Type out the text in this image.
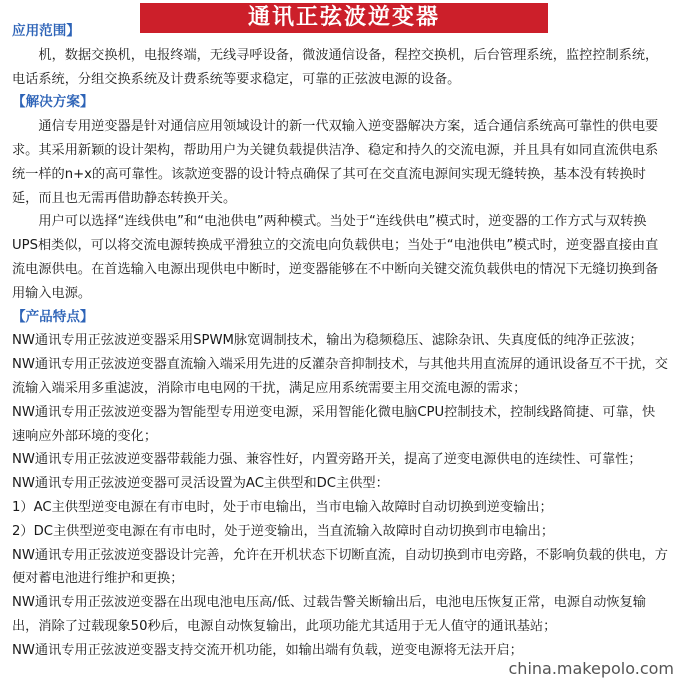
应用范围】

机，数据交换机，电报终端，无线寻呼设备，微波通信设备，程控交换机，后台管理系统，监控控制系统，电话系统，分组交换系统及计费系统等要求稳定，可靠的正弦波电源的设备。

【解决方案】

通信专用逆变器是针对通信应用领域设计的新一代双输入逆变器解决方案，适合通信系统高可靠性的供电要求。其采用新颖的设计架构，帮助用户为关键负载提供洁净、稳定和持久的交流电源，并且具有如同直流供电系统一样的n+x的高可靠性。该款逆变器的设计特点确保了其可在交直流电源间实现无缝转换，基本没有转换时延，而且也无需再借助静态转换开关。

用户可以选择“连线供电”和“电池供电”两种模式。当处于“连线供电”模式时，逆变器的工作方式与双转换UPS相类似，可以将交流电源转换成平滑独立的交流电向负载供电；当处于“电池供电”模式时，逆变器直接由直流电源供电。在首选输入电源出现供电中断时，逆变器能够在不中断向关键交流负载供电的情况下无缝切换到备用输入电源。

【产品特点】

NW通讯专用正弦波逆变器采用SPWM脉宽调制技术，输出为稳频稳压、滤除杂讯、失真度低的纯净正弦波；

NW通讯专用正弦波逆变器直流输入端采用先进的反灌杂音抑制技术，与其他共用直流屏的通讯设备互不干扰，交流输入端采用多重滤波，消除市电电网的干扰，满足应用系统需要主用交流电源的需求；

NW通讯专用正弦波逆变器为智能型专用逆变电源，采用智能化微电脑CPU控制技术，控制线路简捷、可靠，快速响应外部环境的变化；

NW通讯专用正弦波逆变器带载能力强、兼容性好，内置旁路开关，提高了逆变电源供电的连续性、可靠性；

NW通讯专用正弦波逆变器可灵活设置为AC主供型和DC主供型：

1）AC主供型逆变电源在有市电时，处于市电输出，当市电输入故障时自动切换到逆变输出；

2）DC主供型逆变电源在有市电时，处于逆变输出，当直流输入故障时自动切换到市电输出；

NW通讯专用正弦波逆变器设计完善，允许在开机状态下切断直流，自动切换到市电旁路，不影响负载的供电，方便对蓄电池进行维护和更换；

NW通讯专用正弦波逆变器在出现电池电压高/低、过载告警关断输出后，电池电压恢复正常，电源自动恢复输出，消除了过载现象50秒后，电源自动恢复输出，此项功能尤其适用于无人值守的通讯基站；

NW通讯专用正弦波逆变器支持交流开机功能，如输出端有负载，逆变电源将无法开启；

通讯正弦波逆变器
china.makepolo.com
